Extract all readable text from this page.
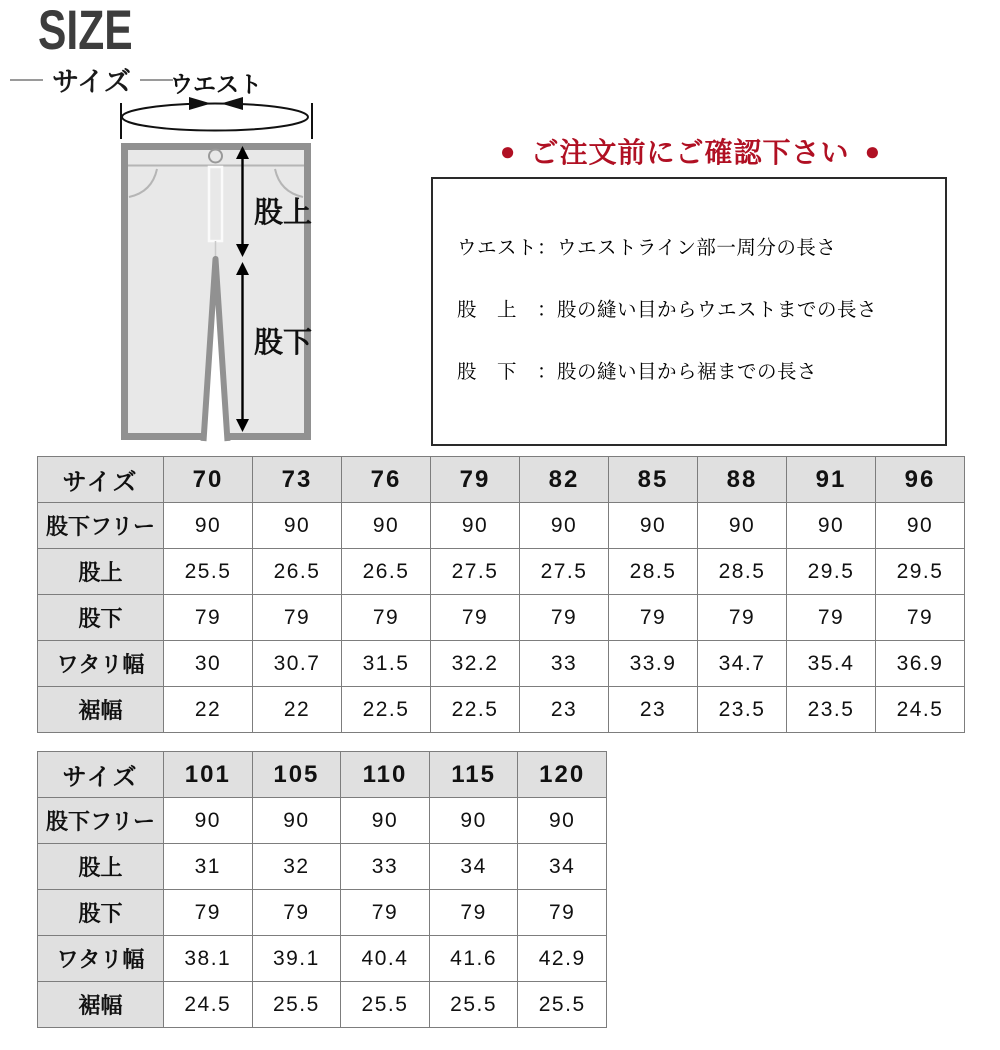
SIZE
サイズ ウエスト
股上
股下
● ご注文前にご確認下さい ●

ウエスト：ウエストライン部一周分の長さ

股　上　：股の縫い目からウエストまでの長さ

股　下　：股の縫い目から裾までの長さ

サイズ	70	73	76	79	82	85	88	91	96
股下フリー	90	90	90	90	90	90	90	90	90
股上	25.5	26.5	26.5	27.5	27.5	28.5	28.5	29.5	29.5
股下	79	79	79	79	79	79	79	79	79
ワタリ幅	30	30.7	31.5	32.2	33	33.9	34.7	35.4	36.9
裾幅	22	22	22.5	22.5	23	23	23.5	23.5	24.5
サイズ	101	105	110	115	120
股下フリー	90	90	90	90	90
股上	31	32	33	34	34
股下	79	79	79	79	79
ワタリ幅	38.1	39.1	40.4	41.6	42.9
裾幅	24.5	25.5	25.5	25.5	25.5
